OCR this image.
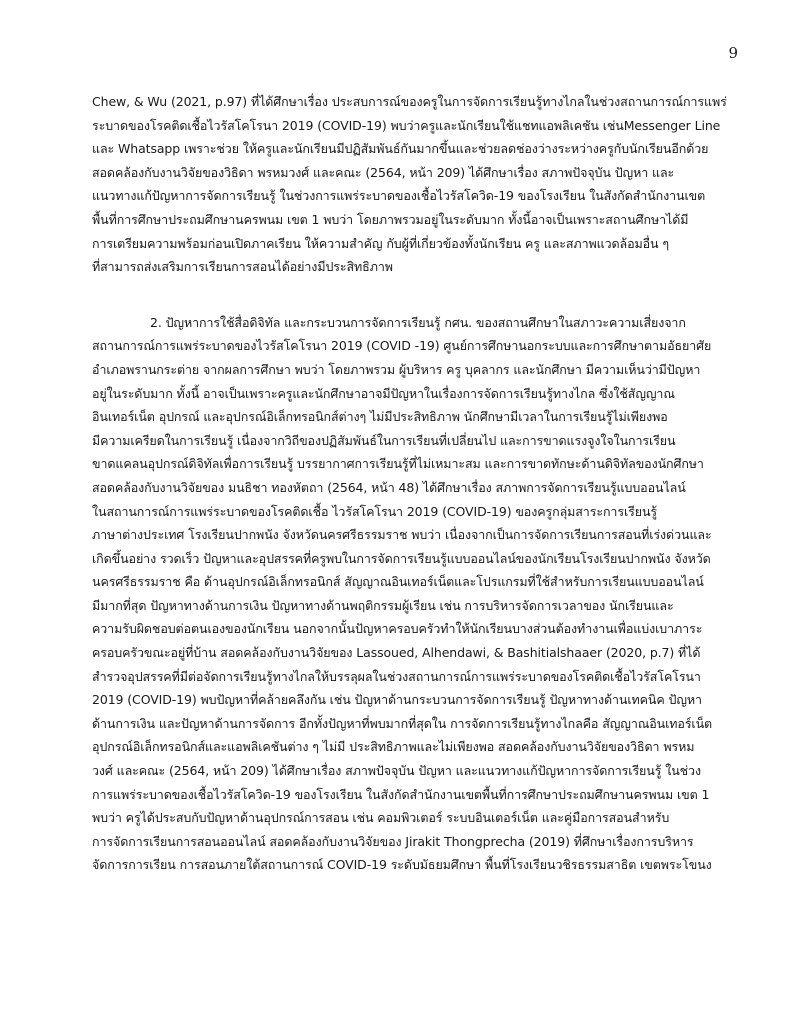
9
Chew, & Wu (2021, p.97) ที่ได้ศึกษาเรื่อง ประสบการณ์ของครูในการจัดการเรียนรู้ทางไกลในช่วงสถานการณ์การแพร่
ระบาดของโรคติดเชื้อไวรัสโคโรนา 2019 (COVID-19) พบว่าครูและนักเรียนใช้แชทแอพลิเคชัน เช่นMessenger Line
และ Whatsapp เพราะช่วย ให้ครูและนักเรียนมีปฏิสัมพันธ์กันมากขึ้นและช่วยลดช่องว่างระหว่างครูกับนักเรียนอีกด้วย
สอดคล้องกับงานวิจัยของวิธิดา พรหมวงศ์ และคณะ (2564, หน้า 209) ได้ศึกษาเรื่อง สภาพปัจจุบัน ปัญหา และ
แนวทางแก้ปัญหาการจัดการเรียนรู้ ในช่วงการแพร่ระบาดของเชื้อไวรัสโควิด-19 ของโรงเรียน ในสังกัดสำนักงานเขต
พื้นที่การศึกษาประถมศึกษานครพนม เขต 1 พบว่า โดยภาพรวมอยู่ในระดับมาก ทั้งนี้อาจเป็นเพราะสถานศึกษาได้มี
การเตรียมความพร้อมก่อนเปิดภาคเรียน ให้ความสำคัญ กับผู้ที่เกี่ยวข้องทั้งนักเรียน ครู และสภาพแวดล้อมอื่น ๆ
ที่สามารถส่งเสริมการเรียนการสอนได้อย่างมีประสิทธิภาพ
2. ปัญหาการใช้สื่อดิจิทัล และกระบวนการจัดการเรียนรู้ กศน. ของสถานศึกษาในสภาวะความเสี่ยงจาก
สถานการณ์การแพร่ระบาดของไวรัสโคโรนา 2019 (COVID -19) ศูนย์การศึกษานอกระบบและการศึกษาตามอัธยาศัย
อำเภอพรานกระต่าย จากผลการศึกษา พบว่า โดยภาพรวม ผู้บริหาร ครู บุคลากร และนักศึกษา มีความเห็นว่ามีปัญหา
อยู่ในระดับมาก ทั้งนี้ อาจเป็นเพราะครูและนักศึกษาอาจมีปัญหาในเรื่องการจัดการเรียนรู้ทางไกล ซึ่งใช้สัญญาณ
อินเทอร์เน็ต อุปกรณ์ และอุปกรณ์อิเล็กทรอนิกส์ต่างๆ ไม่มีประสิทธิภาพ นักศึกษามีเวลาในการเรียนรู้ไม่เพียงพอ
มีความเครียดในการเรียนรู้ เนื่องจากวิถีของปฏิสัมพันธ์ในการเรียนที่เปลี่ยนไป และการขาดแรงจูงใจในการเรียน
ขาดแคลนอุปกรณ์ดิจิทัลเพื่อการเรียนรู้ บรรยากาศการเรียนรู้ที่ไม่เหมาะสม และการขาดทักษะด้านดิจิทัลของนักศึกษา
สอดคล้องกับงานวิจัยของ มนธิชา ทองหัตถา (2564, หน้า 48) ได้ศึกษาเรื่อง สภาพการจัดการเรียนรู้แบบออนไลน์
ในสถานการณ์การแพร่ระบาดของโรคติดเชื้อ ไวรัสโคโรนา 2019 (COVID-19) ของครูกลุ่มสาระการเรียนรู้
ภาษาต่างประเทศ โรงเรียนปากพนัง จังหวัดนครศรีธรรมราช พบว่า เนื่องจากเป็นการจัดการเรียนการสอนที่เร่งด่วนและ
เกิดขึ้นอย่าง รวดเร็ว ปัญหาและอุปสรรคที่ครูพบในการจัดการเรียนรู้แบบออนไลน์ของนักเรียนโรงเรียนปากพนัง จังหวัด
นครศรีธรรมราช คือ ด้านอุปกรณ์อิเล็กทรอนิกส์ สัญญาณอินเทอร์เน็ตและโปรแกรมที่ใช้สำหรับการเรียนแบบออนไลน์
มีมากที่สุด ปัญหาทางด้านการเงิน ปัญหาทางด้านพฤติกรรมผู้เรียน เช่น การบริหารจัดการเวลาของ นักเรียนและ
ความรับผิดชอบต่อตนเองของนักเรียน นอกจากนั้นปัญหาครอบครัวทำให้นักเรียนบางส่วนต้องทำงานเพื่อแบ่งเบาภาระ
ครอบครัวขณะอยู่ที่บ้าน สอดคล้องกับงานวิจัยของ Lassoued, Alhendawi, & Bashitialshaaer (2020, p.7) ที่ได้
สำรวจอุปสรรคที่มีต่อจัดการเรียนรู้ทางไกลให้บรรลุผลในช่วงสถานการณ์การแพร่ระบาดของโรคติดเชื้อไวรัสโคโรนา
2019 (COVID-19) พบปัญหาที่คล้ายคลึงกัน เช่น ปัญหาด้านกระบวนการจัดการเรียนรู้ ปัญหาทางด้านเทคนิค ปัญหา
ด้านการเงิน และปัญหาด้านการจัดการ อีกทั้งปัญหาที่พบมากที่สุดใน การจัดการเรียนรู้ทางไกลคือ สัญญาณอินเทอร์เน็ต
อุปกรณ์อิเล็กทรอนิกส์และแอพลิเคชันต่าง ๆ ไม่มี ประสิทธิภาพและไม่เพียงพอ สอดคล้องกับงานวิจัยของวิธิดา พรหม
วงศ์ และคณะ (2564, หน้า 209) ได้ศึกษาเรื่อง สภาพปัจจุบัน ปัญหา และแนวทางแก้ปัญหาการจัดการเรียนรู้ ในช่วง
การแพร่ระบาดของเชื้อไวรัสโควิด-19 ของโรงเรียน ในสังกัดสำนักงานเขตพื้นที่การศึกษาประถมศึกษานครพนม เขต 1
พบว่า ครูได้ประสบกับปัญหาด้านอุปกรณ์การสอน เช่น คอมพิวเตอร์ ระบบอินเตอร์เน็ต และคู่มือการสอนสำหรับ
การจัดการเรียนการสอนออนไลน์ สอดคล้องกับงานวิจัยของ Jirakit Thongprecha (2019) ที่ศึกษาเรื่องการบริหาร
จัดการการเรียน การสอนภายใต้สถานการณ์ COVID-19 ระดับมัธยมศึกษา พื้นที่โรงเรียนวชิรธรรมสาธิต เขตพระโขนง
